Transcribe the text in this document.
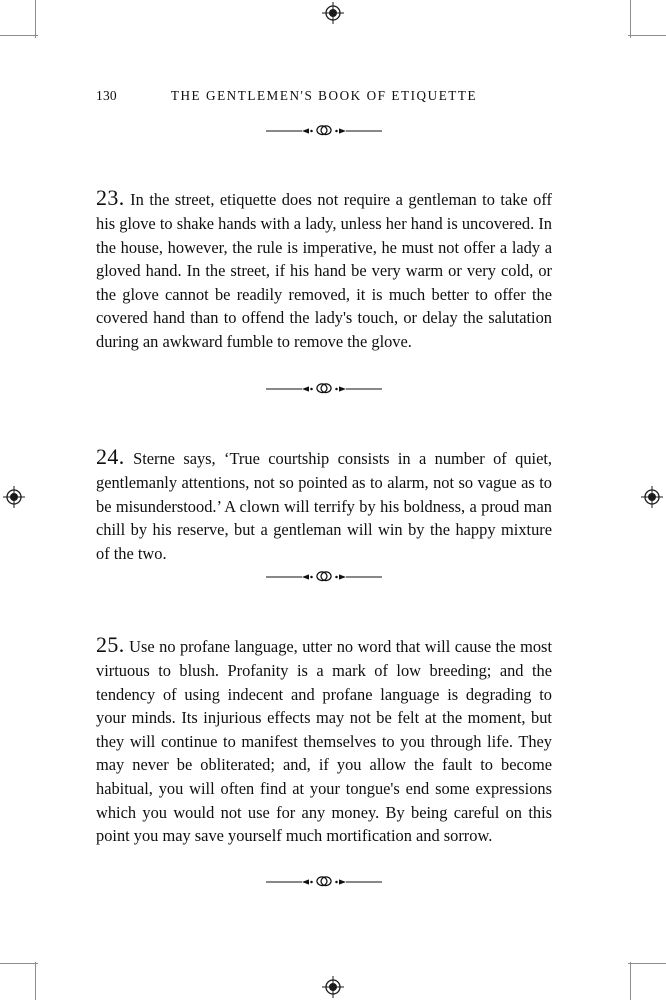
130	THE GENTLEMEN'S BOOK OF ETIQUETTE

23. In the street, etiquette does not require a gentleman to take off his glove to shake hands with a lady, unless her hand is uncovered. In the house, however, the rule is imperative, he must not offer a lady a gloved hand. In the street, if his hand be very warm or very cold, or the glove cannot be readily removed, it is much better to offer the covered hand than to offend the lady's touch, or delay the salutation during an awkward fumble to remove the glove.

24. Sterne says, ‘True courtship consists in a number of quiet, gentlemanly attentions, not so pointed as to alarm, not so vague as to be misunderstood.’ A clown will terrify by his boldness, a proud man chill by his reserve, but a gentleman will win by the happy mixture of the two.

25. Use no profane language, utter no word that will cause the most virtuous to blush. Profanity is a mark of low breeding; and the tendency of using indecent and profane language is degrading to your minds. Its injurious effects may not be felt at the moment, but they will continue to manifest themselves to you through life. They may never be obliterated; and, if you allow the fault to become habitual, you will often find at your tongue's end some expressions which you would not use for any money. By being careful on this point you may save yourself much mortification and sorrow.
